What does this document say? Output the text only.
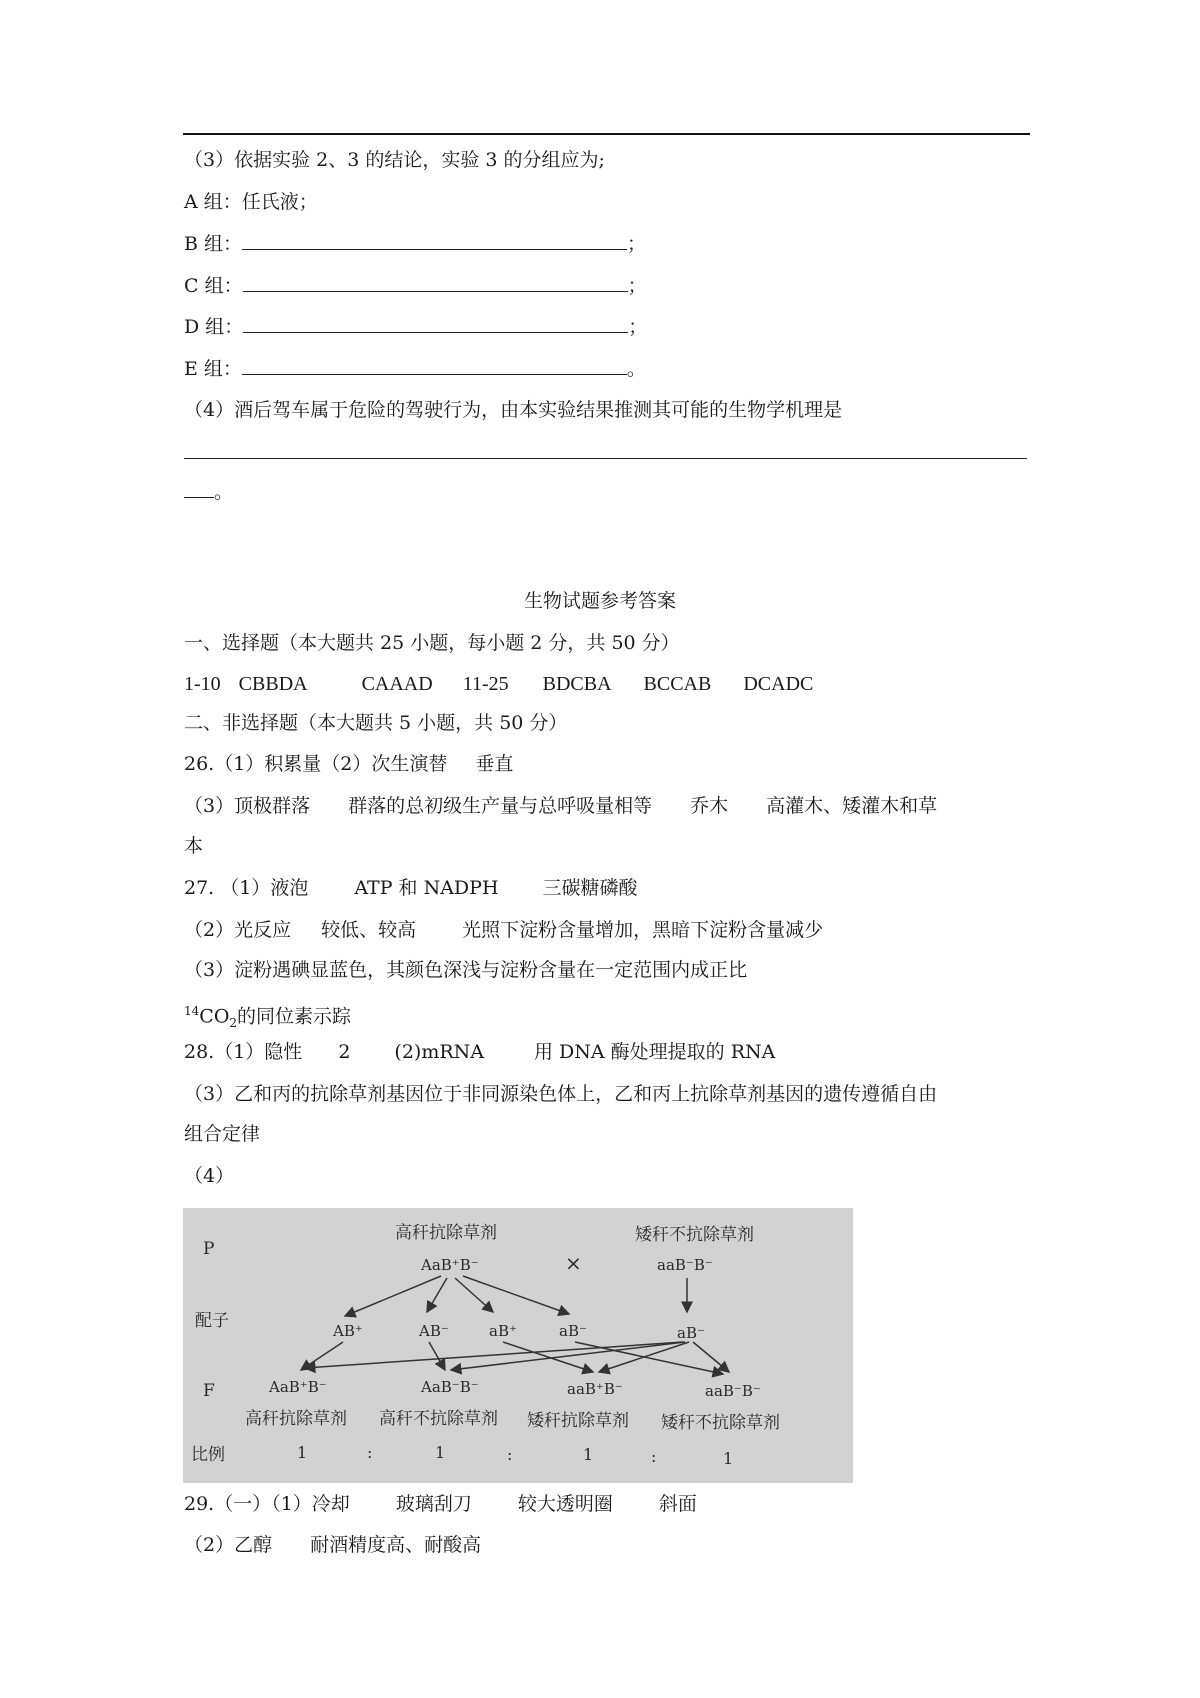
（3）依据实验 2、3 的结论，实验 3 的分组应为;
A 组：任氏液；
B 组：	；
C 组：	；
D 组：	；
E 组：	。
（4）酒后驾车属于危险的驾驶行为，由本实验结果推测其可能的生物学机理是
。
生物试题参考答案
一、选择题（本大题共 25 小题，每小题 2 分，共 50 分）
1-10 CBBDA	CAAAD 11-25 BDCBA BCCAB DCADC
二、非选择题（本大题共 5 小题，共 50 分）
26.（1）积累量（2）次生演替 垂直
（3）顶极群落 群落的总初级生产量与总呼吸量相等 乔木 高灌木、矮灌木和草
本
27. （1）液泡 ATP 和 NADPH 三碳糖磷酸
（2）光反应 较低、较高 光照下淀粉含量增加，黑暗下淀粉含量减少
（3）淀粉遇碘显蓝色，其颜色深浅与淀粉含量在一定范围内成正比
$^{14}CO_2$的同位素示踪
28.（1）隐性 2 (2)mRNA	用 DNA 酶处理提取的 RNA
（3）乙和丙的抗除草剂基因位于非同源染色体上，乙和丙上抗除草剂基因的遗传遵循自由
组合定律
（4）
P
配子
F
比例
高秆抗除草剂
AaB⁺B⁻	×
矮秆不抗除草剂
aaB⁻B⁻
AB⁺	AB⁻	aB⁺	aB⁻	aB⁻
AaB⁺B⁻	AaB⁻B⁻	aaB⁺B⁻	aaB⁻B⁻
高秆抗除草剂 高秆不抗除草剂 矮秆抗除草剂 矮秆不抗除草剂
1	:	1	:	1	:	1
29.（一）（1）冷却 玻璃刮刀 较大透明圈 斜面
（2）乙醇 耐酒精度高、耐酸高
